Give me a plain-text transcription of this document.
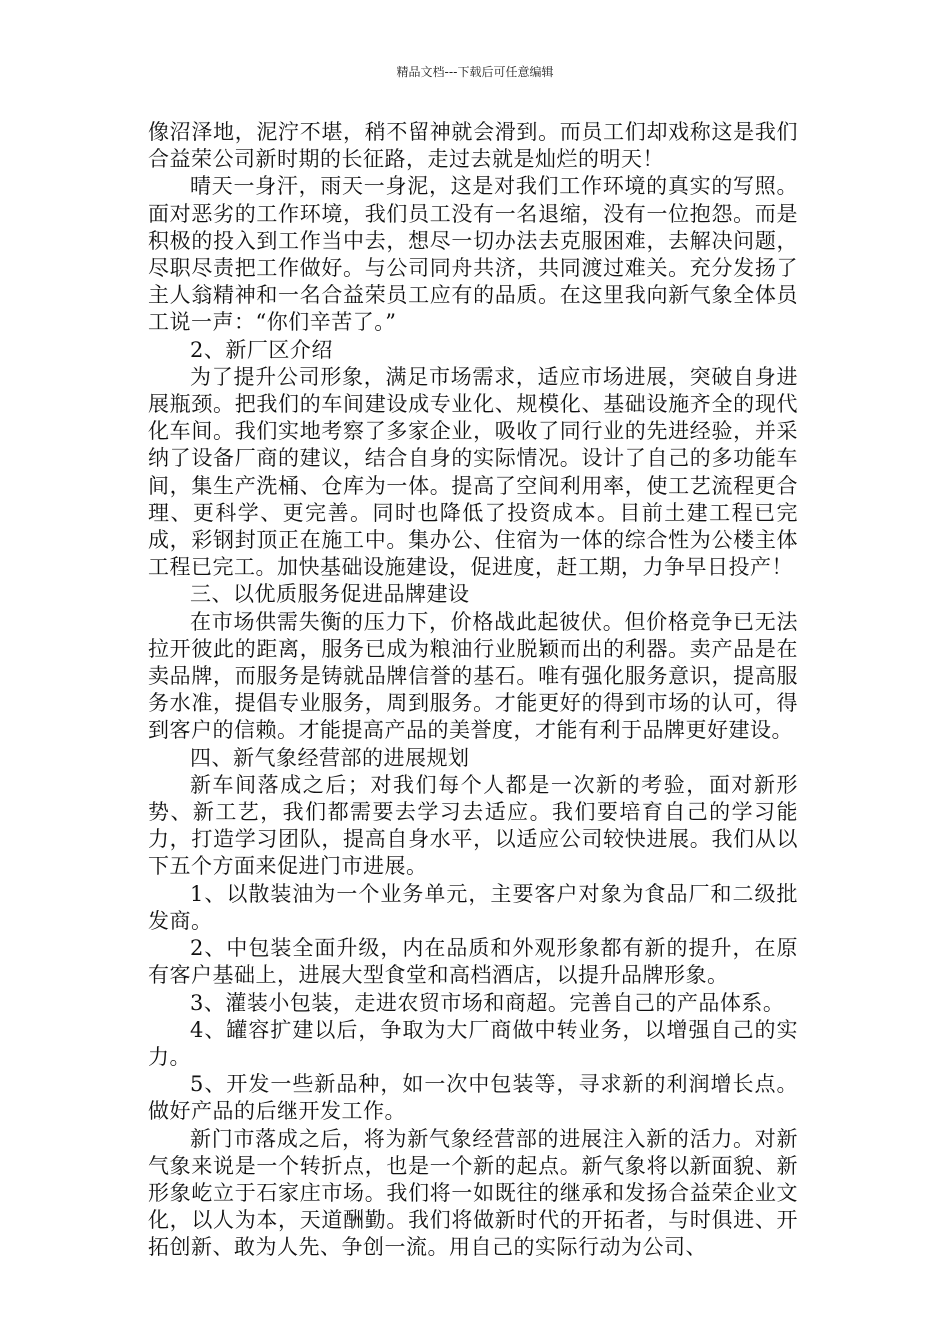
精品文档---下载后可任意编辑

像沼泽地，泥泞不堪，稍不留神就会滑到。而员工们却戏称这是我们合益荣公司新时期的长征路，走过去就是灿烂的明天！

晴天一身汗，雨天一身泥，这是对我们工作环境的真实的写照。面对恶劣的工作环境，我们员工没有一名退缩，没有一位抱怨。而是积极的投入到工作当中去，想尽一切办法去克服困难，去解决问题，尽职尽责把工作做好。与公司同舟共济，共同渡过难关。充分发扬了主人翁精神和一名合益荣员工应有的品质。在这里我向新气象全体员工说一声：“你们辛苦了。”

2、新厂区介绍

为了提升公司形象，满足市场需求，适应市场进展，突破自身进展瓶颈。把我们的车间建设成专业化、规模化、基础设施齐全的现代化车间。我们实地考察了多家企业，吸收了同行业的先进经验，并采纳了设备厂商的建议，结合自身的实际情况。设计了自己的多功能车间，集生产洗桶、仓库为一体。提高了空间利用率，使工艺流程更合理、更科学、更完善。同时也降低了投资成本。目前土建工程已完成，彩钢封顶正在施工中。集办公、住宿为一体的综合性为公楼主体工程已完工。加快基础设施建设，促进度，赶工期，力争早日投产！

三、以优质服务促进品牌建设

在市场供需失衡的压力下，价格战此起彼伏。但价格竞争已无法拉开彼此的距离，服务已成为粮油行业脱颖而出的利器。卖产品是在卖品牌，而服务是铸就品牌信誉的基石。唯有强化服务意识，提高服务水准，提倡专业服务，周到服务。才能更好的得到市场的认可，得到客户的信赖。才能提高产品的美誉度，才能有利于品牌更好建设。

四、新气象经营部的进展规划

新车间落成之后；对我们每个人都是一次新的考验，面对新形势、新工艺，我们都需要去学习去适应。我们要培育自己的学习能力，打造学习团队，提高自身水平，以适应公司较快进展。我们从以下五个方面来促进门市进展。

1、以散装油为一个业务单元，主要客户对象为食品厂和二级批发商。

2、中包装全面升级，内在品质和外观形象都有新的提升，在原有客户基础上，进展大型食堂和高档酒店，以提升品牌形象。

3、灌装小包装，走进农贸市场和商超。完善自己的产品体系。

4、罐容扩建以后，争取为大厂商做中转业务，以增强自己的实力。

5、开发一些新品种，如一次中包装等，寻求新的利润增长点。做好产品的后继开发工作。

新门市落成之后，将为新气象经营部的进展注入新的活力。对新气象来说是一个转折点，也是一个新的起点。新气象将以新面貌、新形象屹立于石家庄市场。我们将一如既往的继承和发扬合益荣企业文化，以人为本，天道酬勤。我们将做新时代的开拓者，与时俱进、开拓创新、敢为人先、争创一流。用自己的实际行动为公司、
